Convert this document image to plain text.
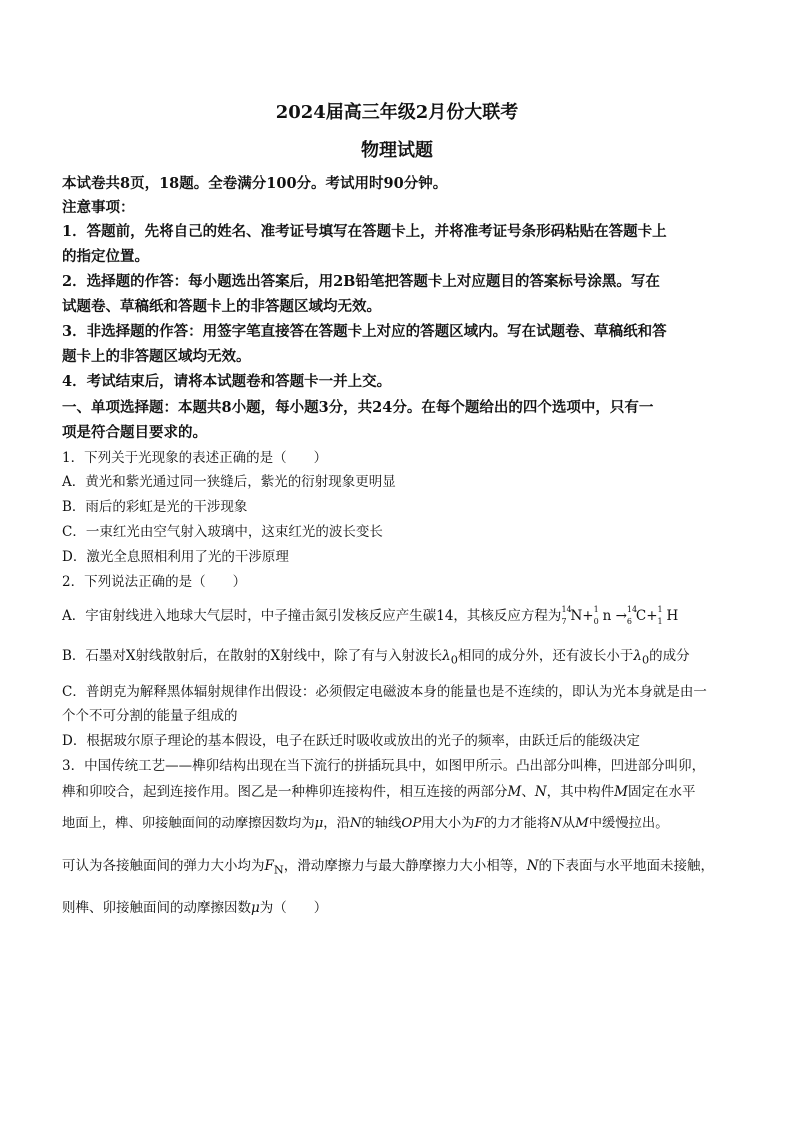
2024届高三年级2月份大联考
物理试题
本试卷共8页，18题。全卷满分100分。考试用时90分钟。
注意事项：
1．答题前，先将自己的姓名、准考证号填写在答题卡上，并将准考证号条形码粘贴在答题卡上
的指定位置。
2．选择题的作答：每小题选出答案后，用2B铅笔把答题卡上对应题目的答案标号涂黑。写在
试题卷、草稿纸和答题卡上的非答题区域均无效。
3．非选择题的作答：用签字笔直接答在答题卡上对应的答题区域内。写在试题卷、草稿纸和答
题卡上的非答题区域均无效。
4．考试结束后，请将本试题卷和答题卡一并上交。
一、单项选择题：本题共8小题，每小题3分，共24分。在每个题给出的四个选项中，只有一
项是符合题目要求的。
1．下列关于光现象的表述正确的是（　　）
A．黄光和紫光通过同一狭缝后，紫光的衍射现象更明显
B．雨后的彩虹是光的干涉现象
C．一束红光由空气射入玻璃中，这束红光的波长变长
D．激光全息照相利用了光的干涉原理
2．下列说法正确的是（　　）
A．宇宙射线进入地球大气层时，中子撞击氮引发核反应产生碳14，其核反应方程为 14
7 N+ 1
0 n → 14
6 C+ 1
1 H
B．石墨对X射线散射后，在散射的X射线中，除了有与入射波长$\lambda_0$相同的成分外，还有波长小于$\lambda_0$的成分
C．普朗克为解释黑体辐射规律作出假设：必须假定电磁波本身的能量也是不连续的，即认为光本身就是由一
个个不可分割的能量子组成的
D．根据玻尔原子理论的基本假设，电子在跃迁时吸收或放出的光子的频率，由跃迁后的能级决定
3．中国传统工艺——榫卯结构出现在当下流行的拼插玩具中，如图甲所示。凸出部分叫榫，凹进部分叫卯，
榫和卯咬合，起到连接作用。图乙是一种榫卯连接构件，相互连接的两部分M、N，其中构件M固定在水平
地面上，榫、卯接触面间的动摩擦因数均为μ，沿N的轴线OP用大小为F的力才能将N从M中缓慢拉出。
可认为各接触面间的弹力大小均为$F_N$，滑动摩擦力与最大静摩擦力大小相等，N的下表面与水平地面未接触，
则榫、卯接触面间的动摩擦因数μ为（　　）
